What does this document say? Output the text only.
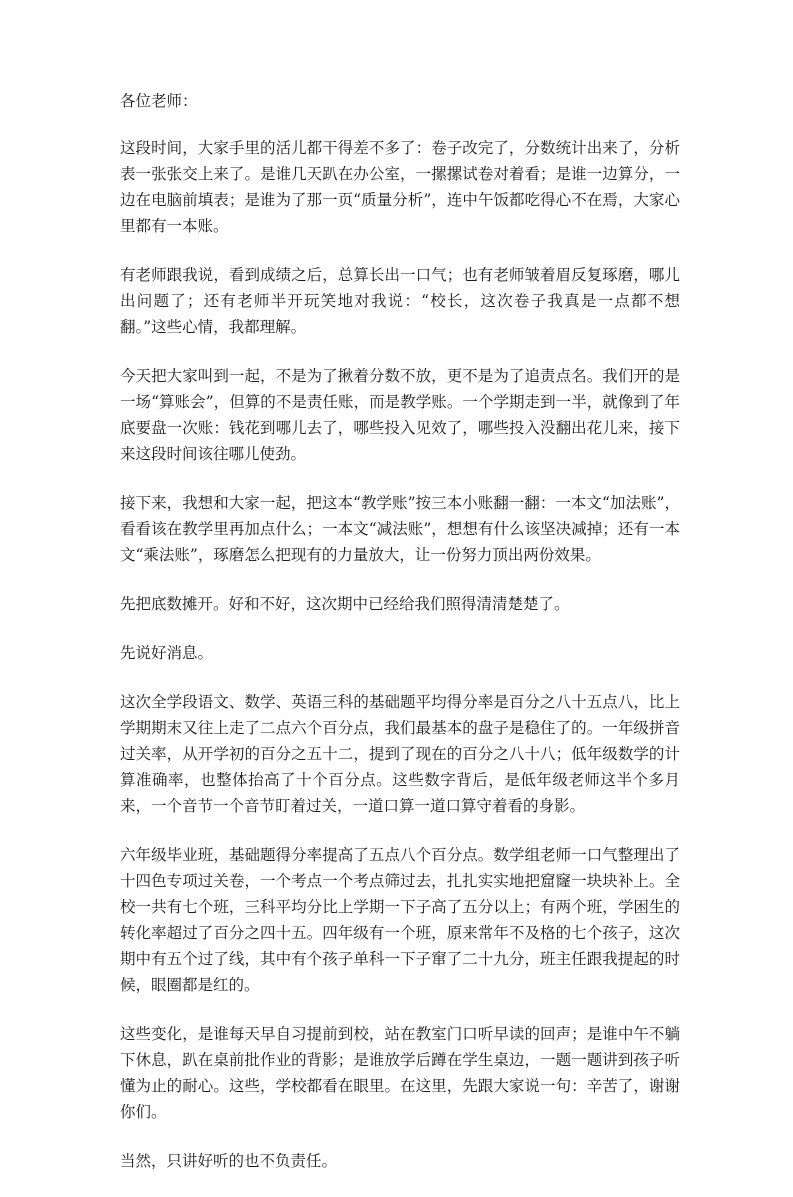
各位老师：

这段时间，大家手里的活儿都干得差不多了：卷子改完了，分数统计出来了，分析表一张张交上来了。是谁几天趴在办公室，一摞摞试卷对着看；是谁一边算分，一边在电脑前填表；是谁为了那一页“质量分析”，连中午饭都吃得心不在焉，大家心里都有一本账。

有老师跟我说，看到成绩之后，总算长出一口气；也有老师皱着眉反复琢磨，哪儿出问题了；还有老师半开玩笑地对我说：“校长，这次卷子我真是一点都不想翻。”这些心情，我都理解。

今天把大家叫到一起，不是为了揪着分数不放，更不是为了追责点名。我们开的是一场“算账会”，但算的不是责任账，而是教学账。一个学期走到一半，就像到了年底要盘一次账：钱花到哪儿去了，哪些投入见效了，哪些投入没翻出花儿来，接下来这段时间该往哪儿使劲。

接下来，我想和大家一起，把这本“教学账”按三本小账翻一翻：一本文“加法账”，看看该在教学里再加点什么；一本文“减法账”，想想有什么该坚决减掉；还有一本文“乘法账”，琢磨怎么把现有的力量放大，让一份努力顶出两份效果。

先把底数摊开。好和不好，这次期中已经给我们照得清清楚楚了。

先说好消息。

这次全学段语文、数学、英语三科的基础题平均得分率是百分之八十五点八，比上学期期末又往上走了二点六个百分点，我们最基本的盘子是稳住了的。一年级拼音过关率，从开学初的百分之五十二，提到了现在的百分之八十八；低年级数学的计算准确率，也整体抬高了十个百分点。这些数字背后，是低年级老师这半个多月来，一个音节一个音节盯着过关，一道口算一道口算守着看的身影。

六年级毕业班，基础题得分率提高了五点八个百分点。数学组老师一口气整理出了十四色专项过关卷，一个考点一个考点筛过去，扎扎实实地把窟窿一块块补上。全校一共有七个班，三科平均分比上学期一下子高了五分以上；有两个班，学困生的转化率超过了百分之四十五。四年级有一个班，原来常年不及格的七个孩子，这次期中有五个过了线，其中有个孩子单科一下子窜了二十九分，班主任跟我提起的时候，眼圈都是红的。

这些变化，是谁每天早自习提前到校，站在教室门口听早读的回声；是谁中午不躺下休息，趴在桌前批作业的背影；是谁放学后蹲在学生桌边，一题一题讲到孩子听懂为止的耐心。这些，学校都看在眼里。在这里，先跟大家说一句：辛苦了，谢谢你们。

当然，只讲好听的也不负责任。
